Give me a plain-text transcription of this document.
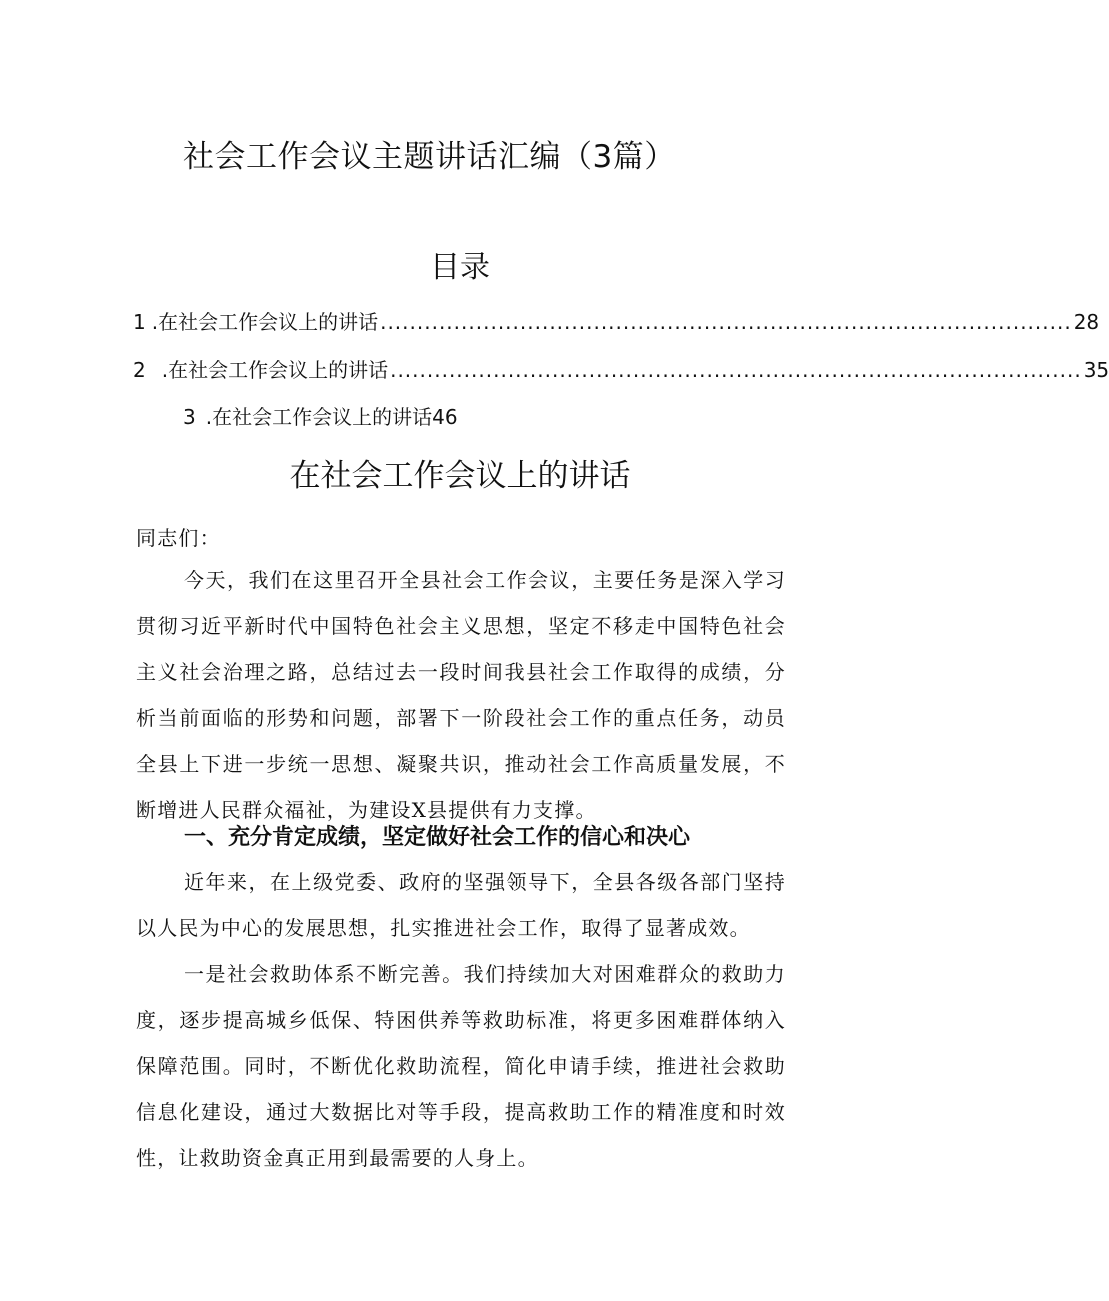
社会工作会议主题讲话汇编（3篇）
目录
1 .在社会工作会议上的讲话 .............................................................................................. 28
2 .在社会工作会议上的讲话 .............................................................................................. 35
3 .在社会工作会议上的讲话46
在社会工作会议上的讲话

同志们：

今天，我们在这里召开全县社会工作会议，主要任务是深入学习贯彻习近平新时代中国特色社会主义思想，坚定不移走中国特色社会主义社会治理之路，总结过去一段时间我县社会工作取得的成绩，分析当前面临的形势和问题，部署下一阶段社会工作的重点任务，动员全县上下进一步统一思想、凝聚共识，推动社会工作高质量发展，不断增进人民群众福祉，为建设X县提供有力支撑。

一、充分肯定成绩，坚定做好社会工作的信心和决心

近年来，在上级党委、政府的坚强领导下，全县各级各部门坚持以人民为中心的发展思想，扎实推进社会工作，取得了显著成效。

一是社会救助体系不断完善。我们持续加大对困难群众的救助力度，逐步提高城乡低保、特困供养等救助标准，将更多困难群体纳入保障范围。同时，不断优化救助流程，简化申请手续，推进社会救助信息化建设，通过大数据比对等手段，提高救助工作的精准度和时效性，让救助资金真正用到最需要的人身上。
